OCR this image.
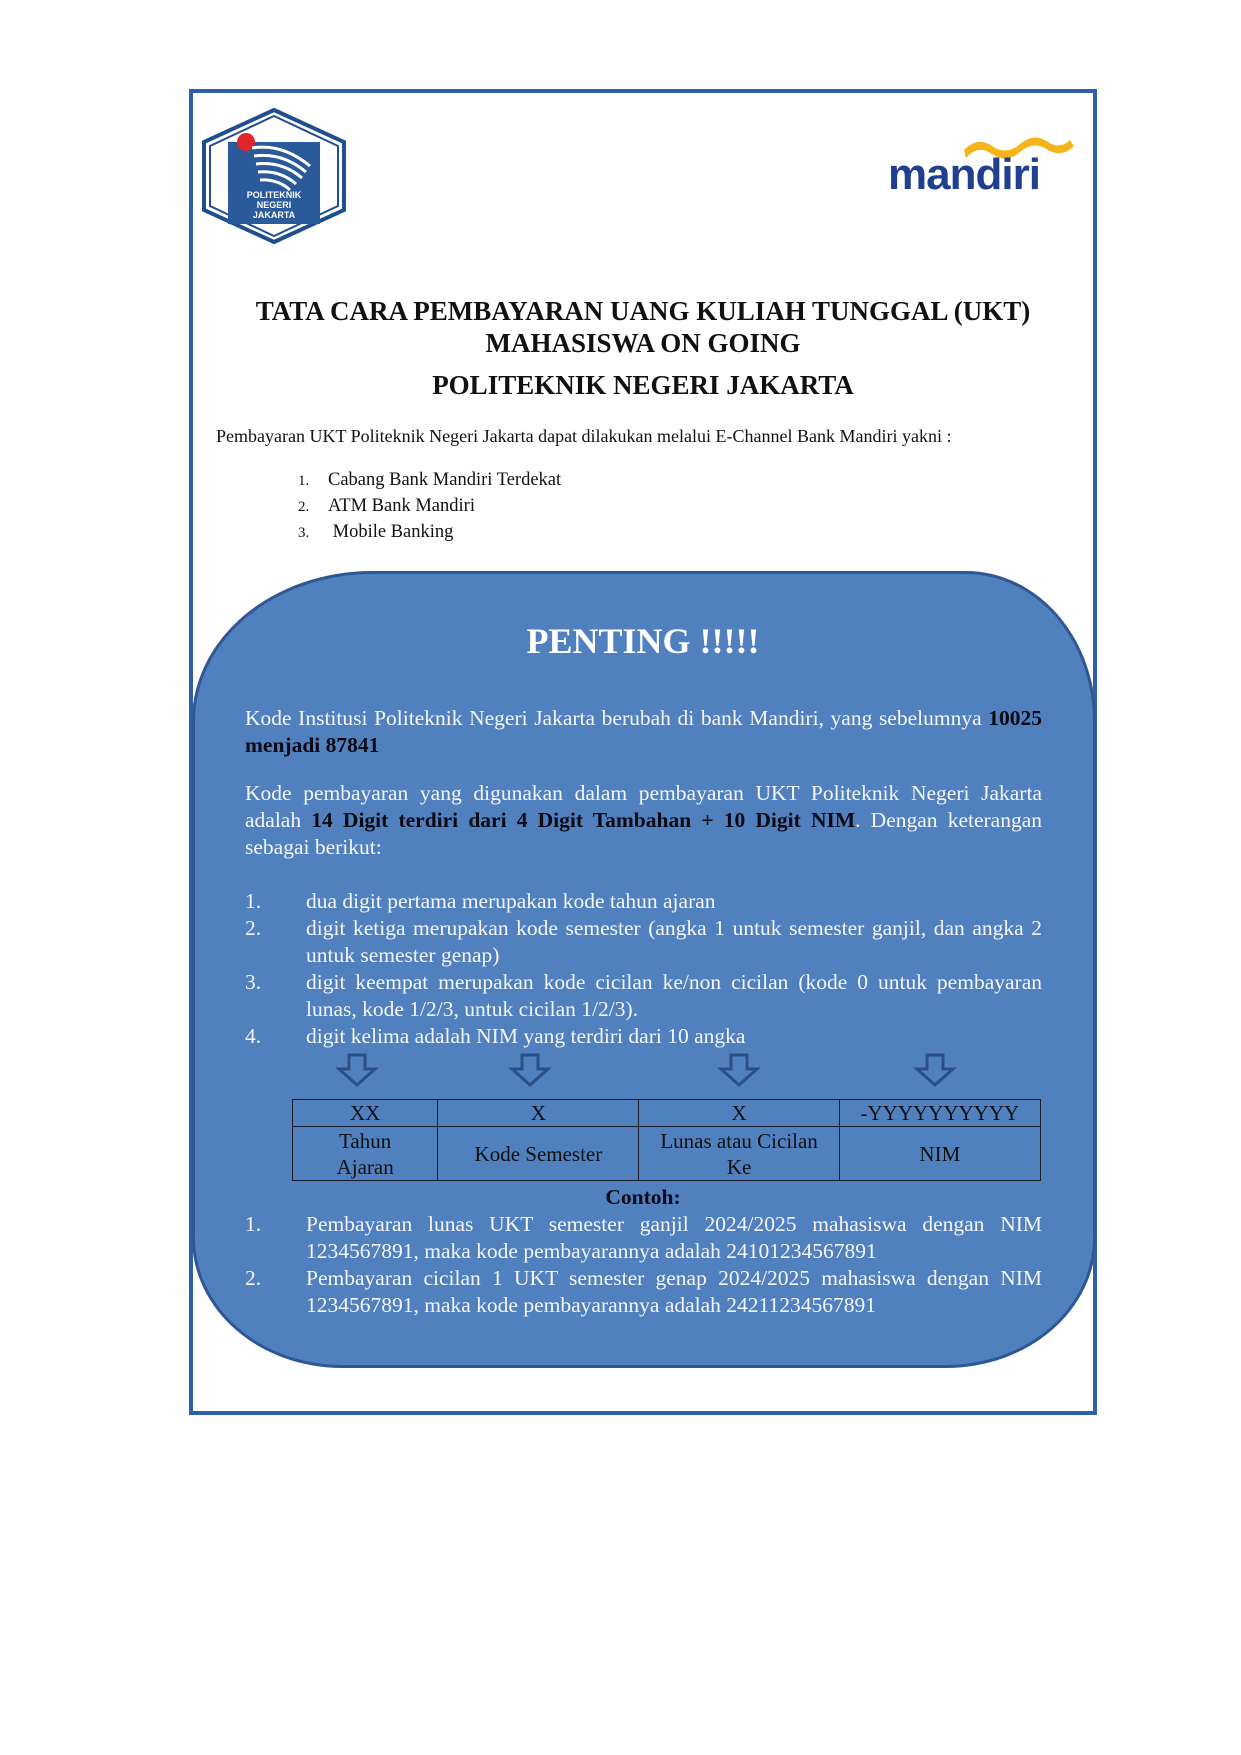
POLITEKNIK
NEGERI
JAKARTA
mandiri
TATA CARA PEMBAYARAN UANG KULIAH TUNGGAL (UKT)
MAHASISWA ON GOING
POLITEKNIK NEGERI JAKARTA
Pembayaran UKT Politeknik Negeri Jakarta dapat dilakukan melalui E-Channel Bank Mandiri yakni :
1.	Cabang Bank Mandiri Terdekat
2.	ATM Bank Mandiri
3.	Mobile Banking
PENTING !!!!!
Kode Institusi Politeknik Negeri Jakarta berubah di bank Mandiri, yang sebelumnya 10025 menjadi 87841
Kode pembayaran yang digunakan dalam pembayaran UKT Politeknik Negeri Jakarta adalah 14 Digit terdiri dari 4 Digit Tambahan + 10 Digit NIM. Dengan keterangan sebagai berikut:
1.	dua digit pertama merupakan kode tahun ajaran
2.	digit ketiga merupakan kode semester (angka 1 untuk semester ganjil, dan angka 2 untuk semester genap)
3.	digit keempat merupakan kode cicilan ke/non cicilan (kode 0 untuk pembayaran lunas, kode 1/2/3, untuk cicilan 1/2/3).
4.	digit kelima adalah NIM yang terdiri dari 10 angka
XX	X	X	-YYYYYYYYYY
Tahun Ajaran	Kode Semester	Lunas atau Cicilan Ke	NIM
Contoh:
1.	Pembayaran lunas UKT semester ganjil 2024/2025 mahasiswa dengan NIM 1234567891, maka kode pembayarannya adalah 24101234567891
2.	Pembayaran cicilan 1 UKT semester genap 2024/2025 mahasiswa dengan NIM 1234567891, maka kode pembayarannya adalah 24211234567891
